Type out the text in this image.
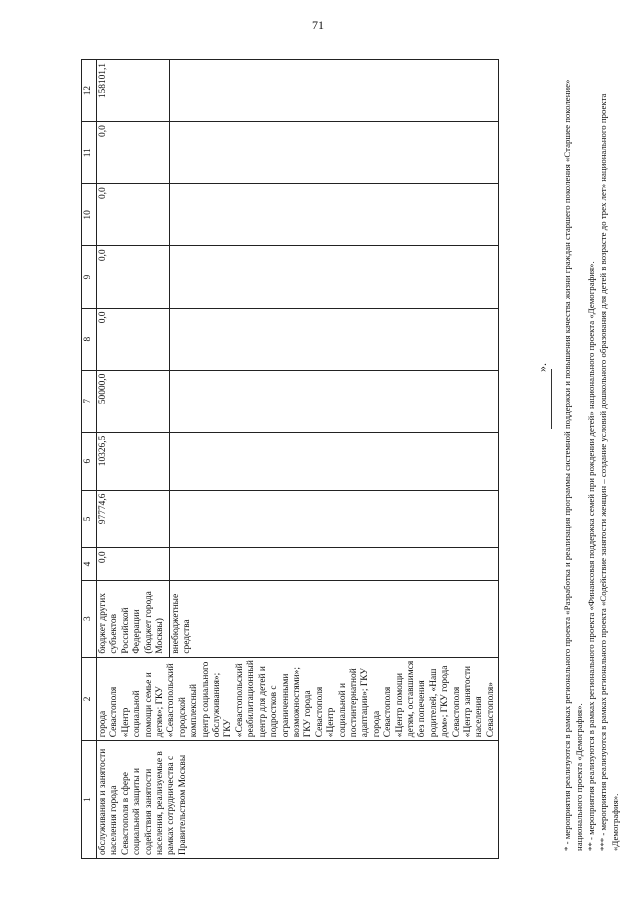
71
1	2	3	4	5	6	7	8	9	10	11	12
обслуживания и занятости населения города Севастополя в сфере социальной защиты и содействия занятости населения, реализуемые в рамках сотрудничества с Правительством Москвы	города Севастополя «Центр социальной помощи семье и детям»; ГКУ «Севастопольский городской комплексный центр социального обслуживания»; ГКУ «Севастопольский реабилитационный центр для детей и подростков с ограниченными возможностями»; ГКУ города Севастополя «Центр социальной и постинтернатной адаптации»; ГКУ города Севастополя «Центр помощи детям, оставшимся без попечения родителей, «Наш дом»; ГКУ города Севастополя «Центр занятости населения Севастополя»	бюджет других субъектов Российской Федерации (бюджет города Москвы)	0,0	97774,6	10326,5	50000,0	0,0	0,0	0,0	0,0	158101,1
		внебюджетные средства									
». * - мероприятия реализуются в рамках регионального проекта «Разработка и реализация программы системной поддержки и повышения качества жизни граждан старшего поколения «Старшее поколение» национального проекта «Демография». ** - мероприятия реализуются в рамках регионального проекта «Финансовая поддержка семей при рождении детей» национального проекта «Демография». *** - мероприятия реализуются в рамках регионального проекта «Содействие занятости женщин – создание условий дошкольного образования для детей в возрасте до трех лет» национального проекта «Демография».
